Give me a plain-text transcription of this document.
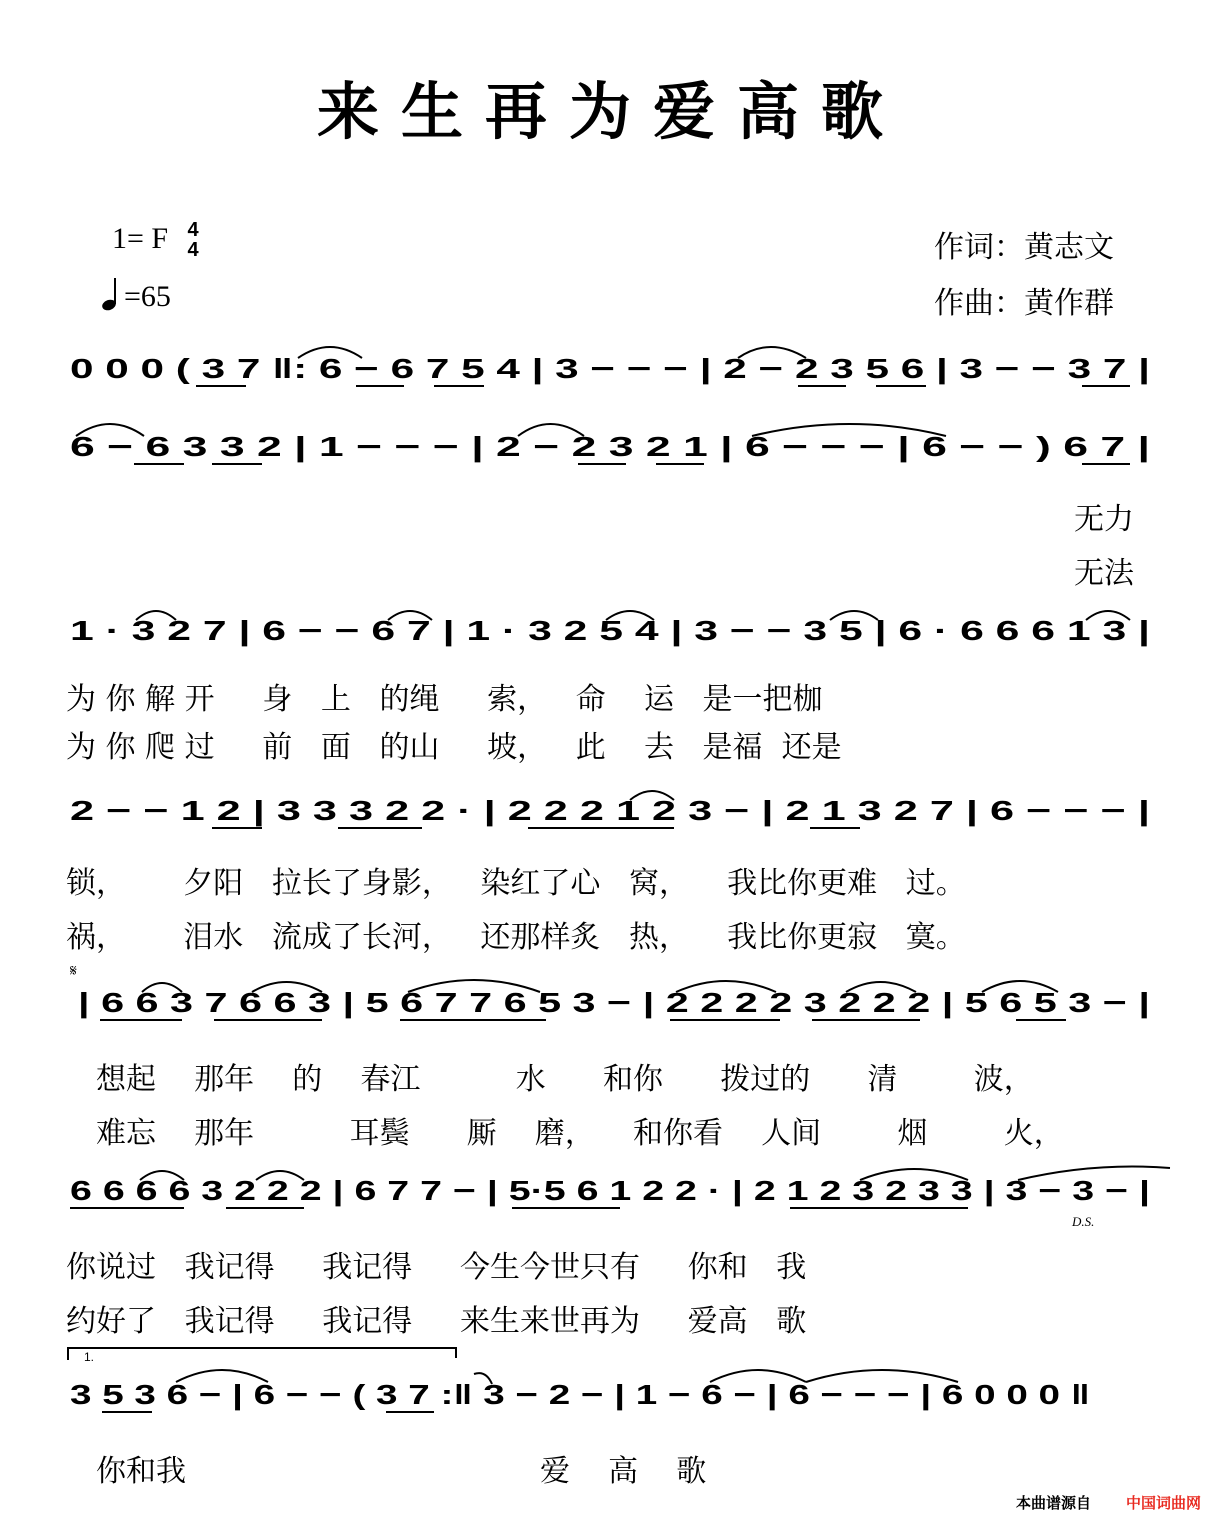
来生再为爱高歌
1= F 4
4
=65
作词：黄志文
作曲：黄作群
0 0 0 ( 3 7 ‖: 6 − 6 7 5 4 | 3 − − − | 2 − 2 3 5 6 | 3 − − 3 7 |
6 − 6 3 3 2 | 1 − − − | 2 − 2 3 2 1 | 6 − − − | 6 − − ) 6 7 |
无力
无法
1 · 3 2 7 | 6 − − 6 7 | 1 · 3 2 5 4 | 3 − − 3 5 | 6 · 6 6 6 1 3 |
为 你 解 开     身   上   的绳     索，   命    运   是一把枷
为 你 爬 过     前   面   的山     坡，   此    去   是福  还是
2 − − 1 2 | 3 3 3 2 2 · | 2 2 2 1 2 3 − | 2 1 3 2 7 | 6 − − − |
锁，      夕阳   拉长了身影，   染红了心   窝，    我比你更难   过。
祸，      泪水   流成了长河，   还那样炙   热，    我比你更寂   寞。
𝄋
| 6 6 3 7 6 6 3 | 5 6 7 7 6 5 3 − | 2 2 2 2 3 2 2 2 | 5 6 5 3 − |
想起    那年    的    春江          水      和你      拨过的      清        波，
难忘    那年          耳鬓      厮    磨，    和你看    人间        烟        火，
6 6 6 6 3 2 2 2 | 6 7 7 − | 5·5 6 1 2 2 · | 2 1 2 3 2 3 3 | 3 − 3 − |
D.S.
你说过   我记得     我记得     今生今世只有     你和   我
约好了   我记得     我记得     来生来世再为     爱高   歌
1.
3 5 3 6 − | 6 − − ( 3 7 :‖ 3 − 2 − | 1 − 6 − | 6 − − − | 6 0 0 0 ‖
你和我	爱    高    歌
本曲谱源自 中国词曲网
